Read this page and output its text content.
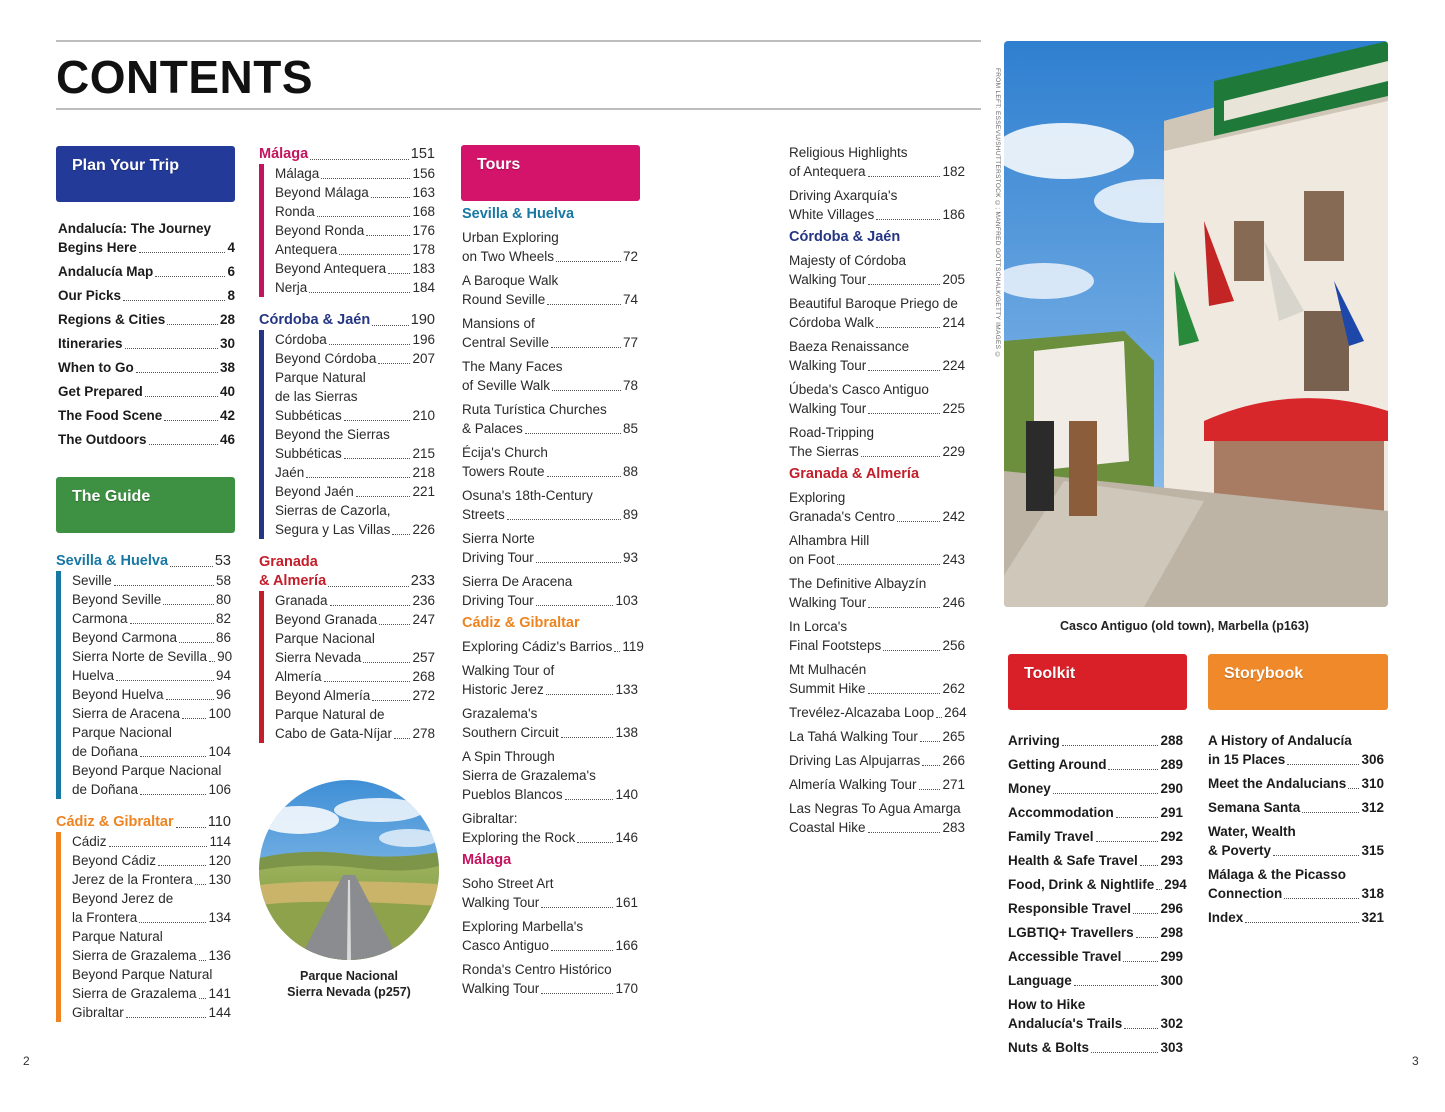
CONTENTS
Plan Your Trip
Andalucía: The Journey
Begins Here	4
Andalucía Map	6
Our Picks	8
Regions & Cities	28
Itineraries	30
When to Go	38
Get Prepared	40
The Food Scene	42
The Outdoors	46
The Guide
Sevilla & Huelva	53
Seville	58
Beyond Seville	80
Carmona	82
Beyond Carmona	86
Sierra Norte de Sevilla 90
Huelva	94
Beyond Huelva	96
Sierra de Aracena 100
Parque Nacional
de Doñana	104
Beyond Parque Nacional
de Doñana	106
Cádiz & Gibraltar 110
Cádiz	114
Beyond Cádiz	120
Jerez de la Frontera 130
Beyond Jerez de
la Frontera	134
Parque Natural
Sierra de Grazalema 136
Beyond Parque Natural
Sierra de Grazalema 141
Gibraltar	144
Málaga	151
Málaga	156
Beyond Málaga	163
Ronda	168
Beyond Ronda	176
Antequera	178
Beyond Antequera 183
Nerja	184
Córdoba & Jaén	190
Córdoba	196
Beyond Córdoba	207
Parque Natural
de las Sierras
Subbéticas	210
Beyond the Sierras
Subbéticas	215
Jaén	218
Beyond Jaén	221
Sierras de Cazorla,
Segura y Las Villas 226
Granada
& Almería	233
Granada	236
Beyond Granada	247
Parque Nacional
Sierra Nevada	257
Almería	268
Beyond Almería	272
Parque Natural de
Cabo de Gata-Níjar 278
Parque Nacional
Sierra Nevada (p257)
Tours
Sevilla & Huelva
Urban Exploring
on Two Wheels	72
A Baroque Walk
Round Seville	74
Mansions of
Central Seville	77
The Many Faces
of Seville Walk	78
Ruta Turística Churches
& Palaces	85
Écija's Church
Towers Route	88
Osuna's 18th-Century
Streets	89
Sierra Norte
Driving Tour	93
Sierra De Aracena
Driving Tour	103
Cádiz & Gibraltar
Exploring Cádiz's Barrios 119
Walking Tour of
Historic Jerez	133
Grazalema's
Southern Circuit	138
A Spin Through
Sierra de Grazalema's
Pueblos Blancos	140
Gibraltar:
Exploring the Rock	146
Málaga
Soho Street Art
Walking Tour	161
Exploring Marbella's
Casco Antiguo	166
Ronda's Centro Histórico
Walking Tour	170
Religious Highlights
of Antequera	182
Driving Axarquía's
White Villages	186
Córdoba & Jaén
Majesty of Córdoba
Walking Tour	205
Beautiful Baroque Priego de
Córdoba Walk	214
Baeza Renaissance
Walking Tour	224
Úbeda's Casco Antiguo
Walking Tour	225
Road-Tripping
The Sierras	229
Granada & Almería
Exploring
Granada's Centro	242
Alhambra Hill
on Foot	243
The Definitive Albayzín
Walking Tour	246
In Lorca's
Final Footsteps	256
Mt Mulhacén
Summit Hike	262
Trevélez-Alcazaba Loop 264
La Tahá Walking Tour 265
Driving Las Alpujarras 266
Almería Walking Tour 271
Las Negras To Agua Amarga
Coastal Hike	283
FROM LEFT: ESSEVU/SHUTTERSTOCK ©; MANFRED GOTTSCHALK/GETTY IMAGES ©
Casco Antiguo (old town), Marbella (p163)
Toolkit
Arriving	288
Getting Around	289
Money	290
Accommodation	291
Family Travel	292
Health & Safe Travel 293
Food, Drink & Nightlife 294
Responsible Travel 296
LGBTIQ+ Travellers 298
Accessible Travel	299
Language	300
How to Hike
Andalucía's Trails	302
Nuts & Bolts	303
Storybook
A History of Andalucía
in 15 Places	306
Meet the Andalucians 310
Semana Santa	312
Water, Wealth
& Poverty	315
Málaga & the Picasso
Connection	318
Index	321
2	3
